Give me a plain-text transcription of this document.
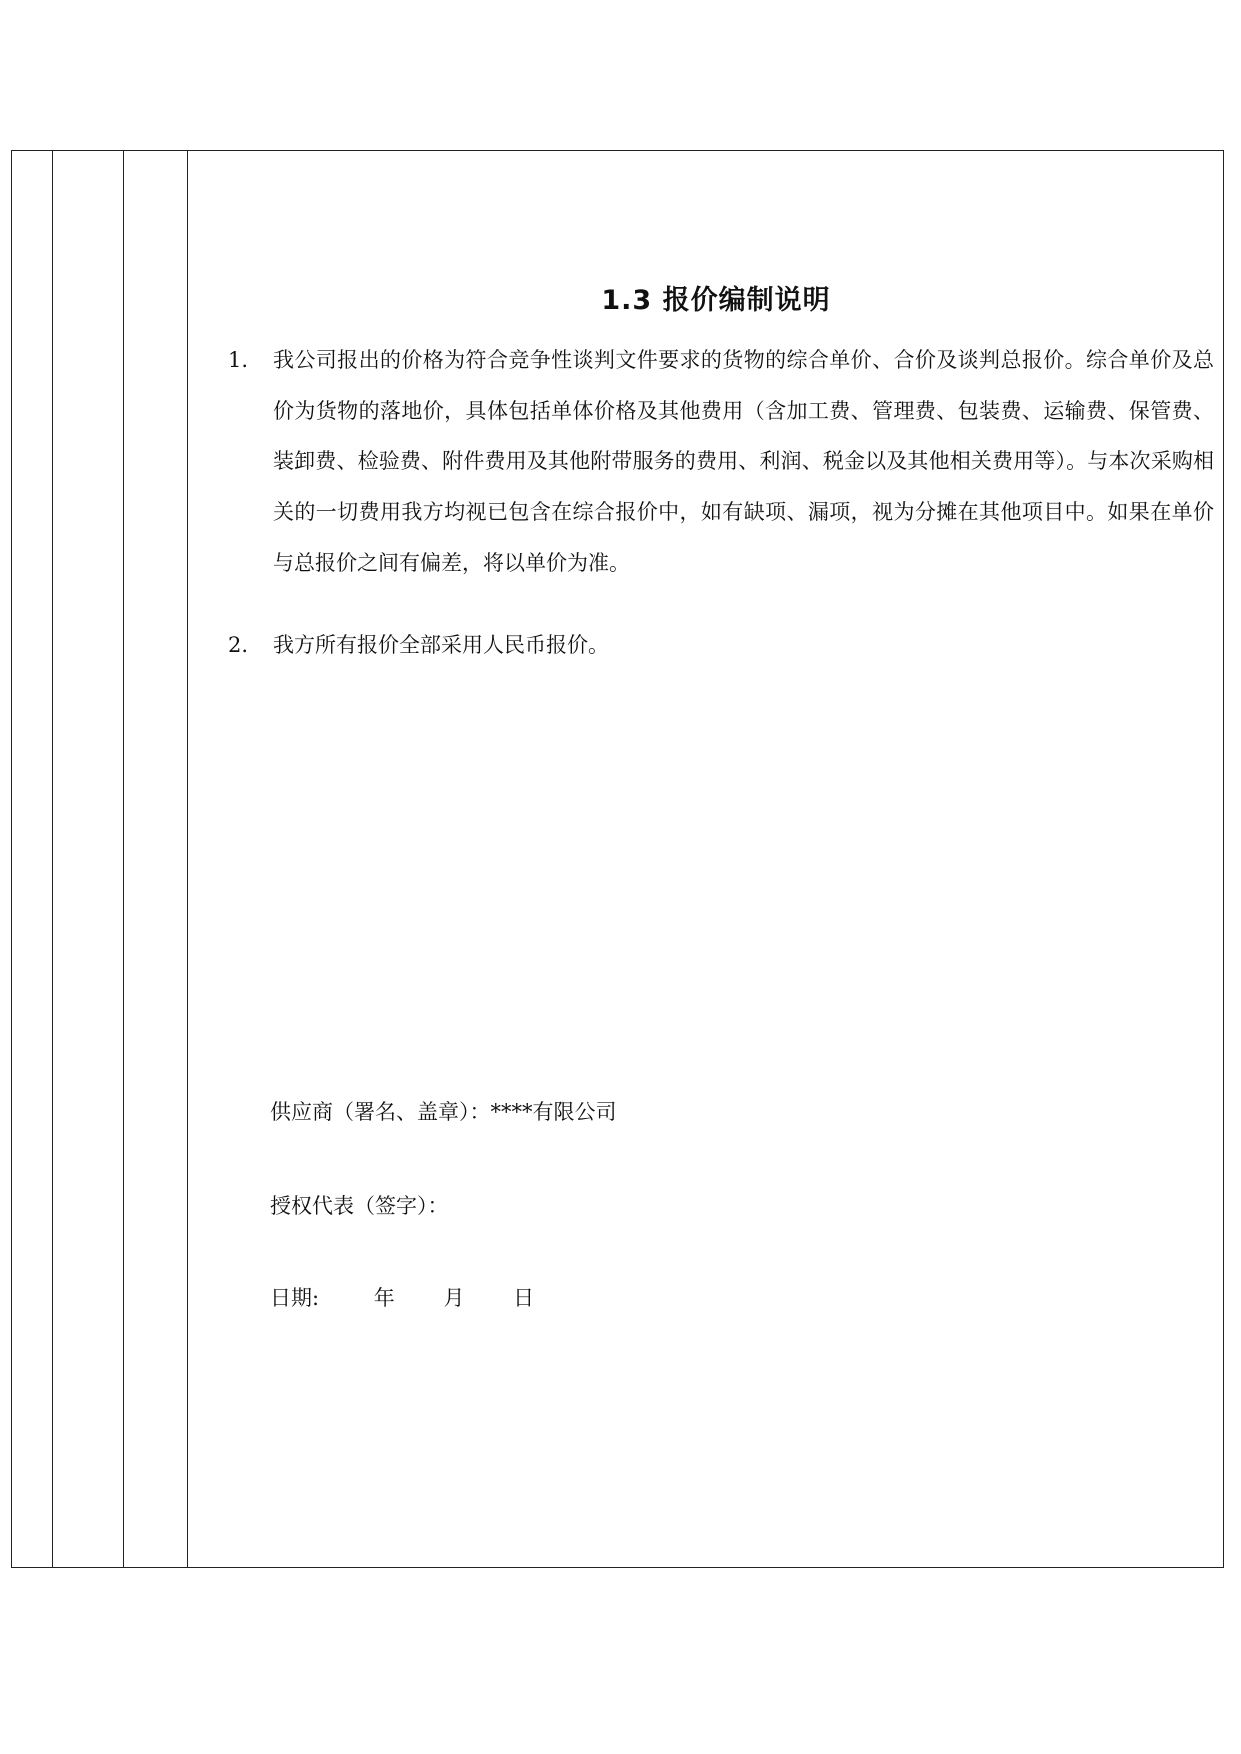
1.3 报价编制说明
1.	我公司报出的价格为符合竞争性谈判文件要求的货物的综合单价、合价及谈判总报价。综合单价及总价为货物的落地价，具体包括单体价格及其他费用（含加工费、管理费、包装费、运输费、保管费、装卸费、检验费、附件费用及其他附带服务的费用、利润、税金以及其他相关费用等）。与本次采购相关的一切费用我方均视已包含在综合报价中，如有缺项、漏项，视为分摊在其他项目中。如果在单价与总报价之间有偏差，将以单价为准。
2.	我方所有报价全部采用人民币报价。
供应商（署名、盖章）：****有限公司
授权代表（签字）：
日期:	年 月 日
